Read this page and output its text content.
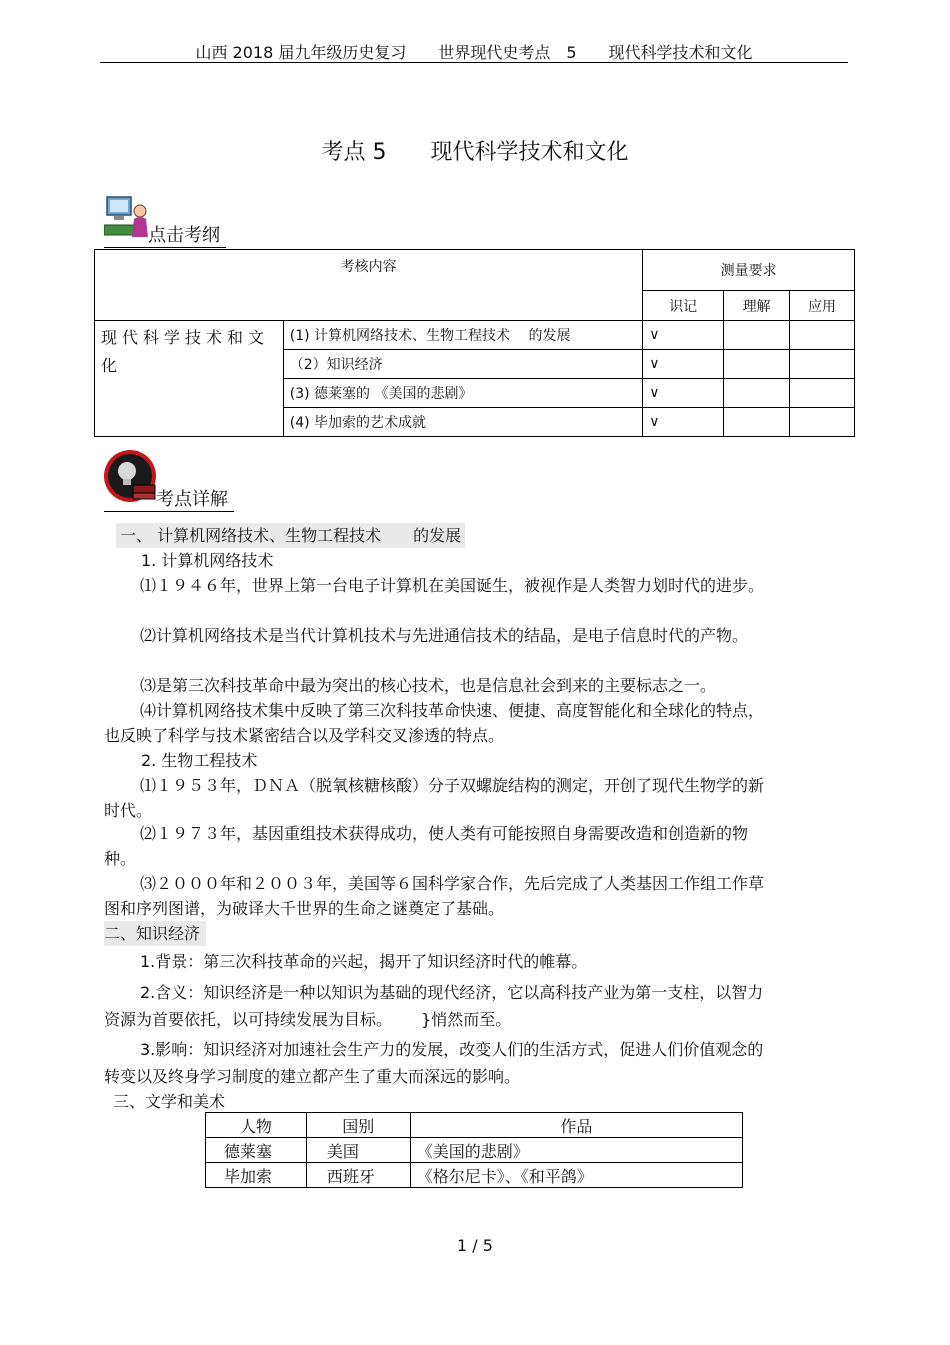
山西 2018 届九年级历史复习　　世界现代史考点　5　　现代科学技术和文化
考点 5　　现代科学技术和文化
点击考纲
考核内容		测量要求		
		识记	理解	应用
现代科学技术和文化	(1) 计算机网络技术、生物工程技术　 的发展	∨		
	（2）知识经济	∨		
	(3) 德莱塞的 《美国的悲剧》	∨		
	(4) 毕加索的艺术成就	∨		
考点详解
一、 计算机网络技术、生物工程技术　　的发展
1. 计算机网络技术
⑴１９４６年，世界上第一台电子计算机在美国诞生，被视作是人类智力划时代的进步。
⑵计算机网络技术是当代计算机技术与先进通信技术的结晶，是电子信息时代的产物。
⑶是第三次科技革命中最为突出的核心技术，也是信息社会到来的主要标志之一。
⑷计算机网络技术集中反映了第三次科技革命快速、便捷、高度智能化和全球化的特点，也反映了科学与技术紧密结合以及学科交叉渗透的特点。
2. 生物工程技术
⑴１９５３年，ＤＮＡ（脱氧核糖核酸）分子双螺旋结构的测定，开创了现代生物学的新时代。
⑵１９７３年，基因重组技术获得成功，使人类有可能按照自身需要改造和创造新的物种。
⑶２０００年和２００３年，美国等６国科学家合作，先后完成了人类基因工作组工作草图和序列图谱，为破译大千世界的生命之谜奠定了基础。
二、知识经济
1.背景：第三次科技革命的兴起，揭开了知识经济时代的帷幕。
2.含义：知识经济是一种以知识为基础的现代经济，它以高科技产业为第一支柱，以智力资源为首要依托，以可持续发展为目标。　　 }悄然而至。
3.影响：知识经济对加速社会生产力的发展，改变人们的生活方式，促进人们价值观念的转变以及终身学习制度的建立都产生了重大而深远的影响。
三、文学和美术
人物	国别	作品
德莱塞	美国	《美国的悲剧》
毕加索	西班牙	《格尔尼卡》、《和平鸽》
1 / 5
